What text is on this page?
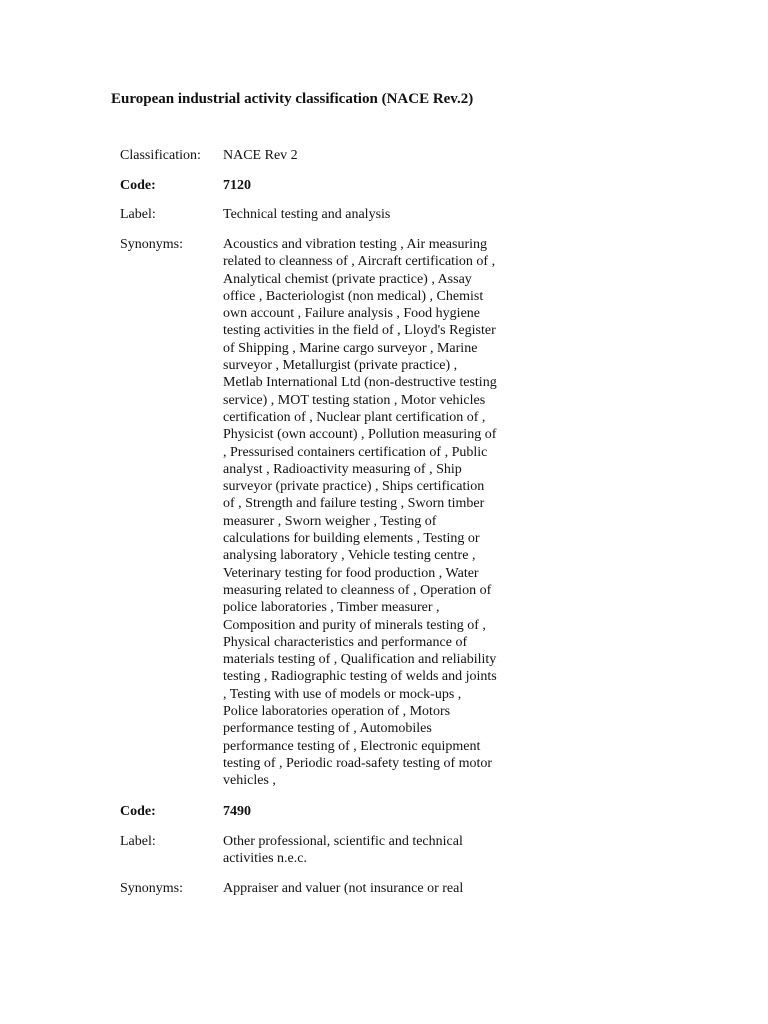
European industrial activity classification (NACE Rev.2)
Classification:	NACE Rev 2
Code:	7120
Label:	Technical testing and analysis
Synonyms:	Acoustics and vibration testing , Air measuring
related to cleanness of , Aircraft certification of ,
Analytical chemist (private practice) , Assay
office , Bacteriologist (non medical) , Chemist
own account , Failure analysis , Food hygiene
testing activities in the field of , Lloyd's Register
of Shipping , Marine cargo surveyor , Marine
surveyor , Metallurgist (private practice) ,
Metlab International Ltd (non-destructive testing
service) , MOT testing station , Motor vehicles
certification of , Nuclear plant certification of ,
Physicist (own account) , Pollution measuring of
, Pressurised containers certification of , Public
analyst , Radioactivity measuring of , Ship
surveyor (private practice) , Ships certification
of , Strength and failure testing , Sworn timber
measurer , Sworn weigher , Testing of
calculations for building elements , Testing or
analysing laboratory , Vehicle testing centre ,
Veterinary testing for food production , Water
measuring related to cleanness of , Operation of
police laboratories , Timber measurer ,
Composition and purity of minerals testing of ,
Physical characteristics and performance of
materials testing of , Qualification and reliability
testing , Radiographic testing of welds and joints
, Testing with use of models or mock-ups ,
Police laboratories operation of , Motors
performance testing of , Automobiles
performance testing of , Electronic equipment
testing of , Periodic road-safety testing of motor
vehicles ,
Code:	7490
Label:	Other professional, scientific and technical
activities n.e.c.
Synonyms:	Appraiser and valuer (not insurance or real
